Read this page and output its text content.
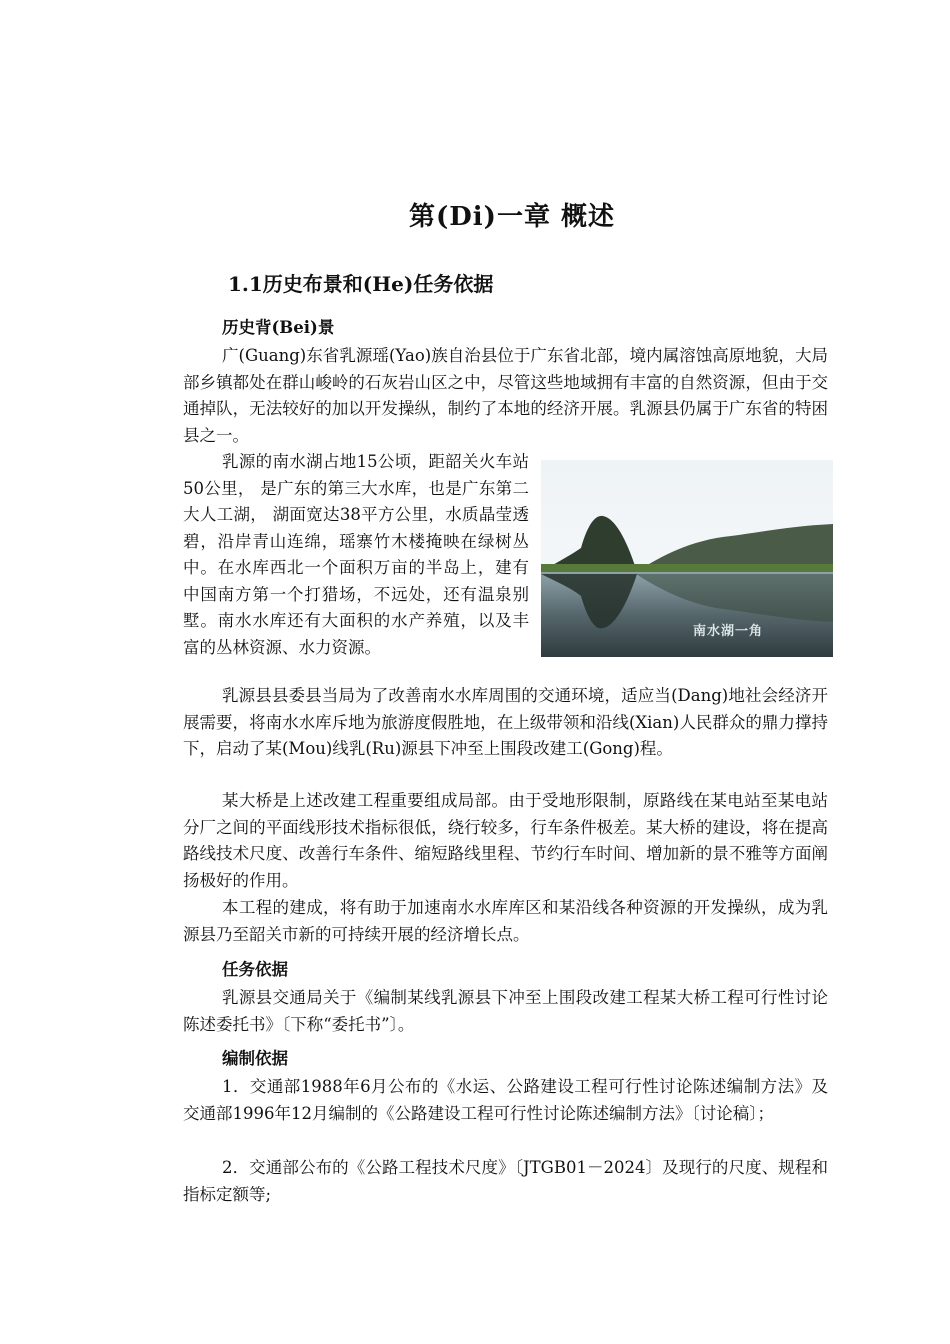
第(Di)一章 概述
1.1历史布景和(He)任务依据
历史背(Bei)景
广(Guang)东省乳源瑶(Yao)族自治县位于广东省北部，境内属溶蚀高原地貌，大局部乡镇都处在群山峻岭的石灰岩山区之中，尽管这些地域拥有丰富的自然资源，但由于交通掉队，无法较好的加以开发操纵，制约了本地的经济开展。乳源县仍属于广东省的特困县之一。
乳源的南水湖占地15公顷，距韶关火车站50公里， 是广东的第三大水库，也是广东第二大人工湖， 湖面宽达38平方公里，水质晶莹透碧，沿岸青山连绵，瑶寨竹木楼掩映在绿树丛中。在水库西北一个面积万亩的半岛上，建有中国南方第一个打猎场，不远处，还有温泉别墅。南水水库还有大面积的水产养殖，以及丰富的丛林资源、水力资源。
南水湖一角
乳源县县委县当局为了改善南水水库周围的交通环境，适应当(Dang)地社会经济开展需要，将南水水库斥地为旅游度假胜地，在上级带领和沿线(Xian)人民群众的鼎力撑持下，启动了某(Mou)线乳(Ru)源县下冲至上围段改建工(Gong)程。
某大桥是上述改建工程重要组成局部。由于受地形限制，原路线在某电站至某电站分厂之间的平面线形技术指标很低，绕行较多，行车条件极差。某大桥的建设，将在提高路线技术尺度、改善行车条件、缩短路线里程、节约行车时间、增加新的景不雅等方面阐扬极好的作用。
本工程的建成，将有助于加速南水水库库区和某沿线各种资源的开发操纵，成为乳源县乃至韶关市新的可持续开展的经济增长点。
任务依据
乳源县交通局关于《编制某线乳源县下冲至上围段改建工程某大桥工程可行性讨论陈述委托书》〔下称“委托书”〕。
编制依据
1．交通部1988年6月公布的《水运、公路建设工程可行性讨论陈述编制方法》及交通部1996年12月编制的《公路建设工程可行性讨论陈述编制方法》〔讨论稿〕；
2．交通部公布的《公路工程技术尺度》〔JTGB01－2024〕及现行的尺度、规程和指标定额等;
